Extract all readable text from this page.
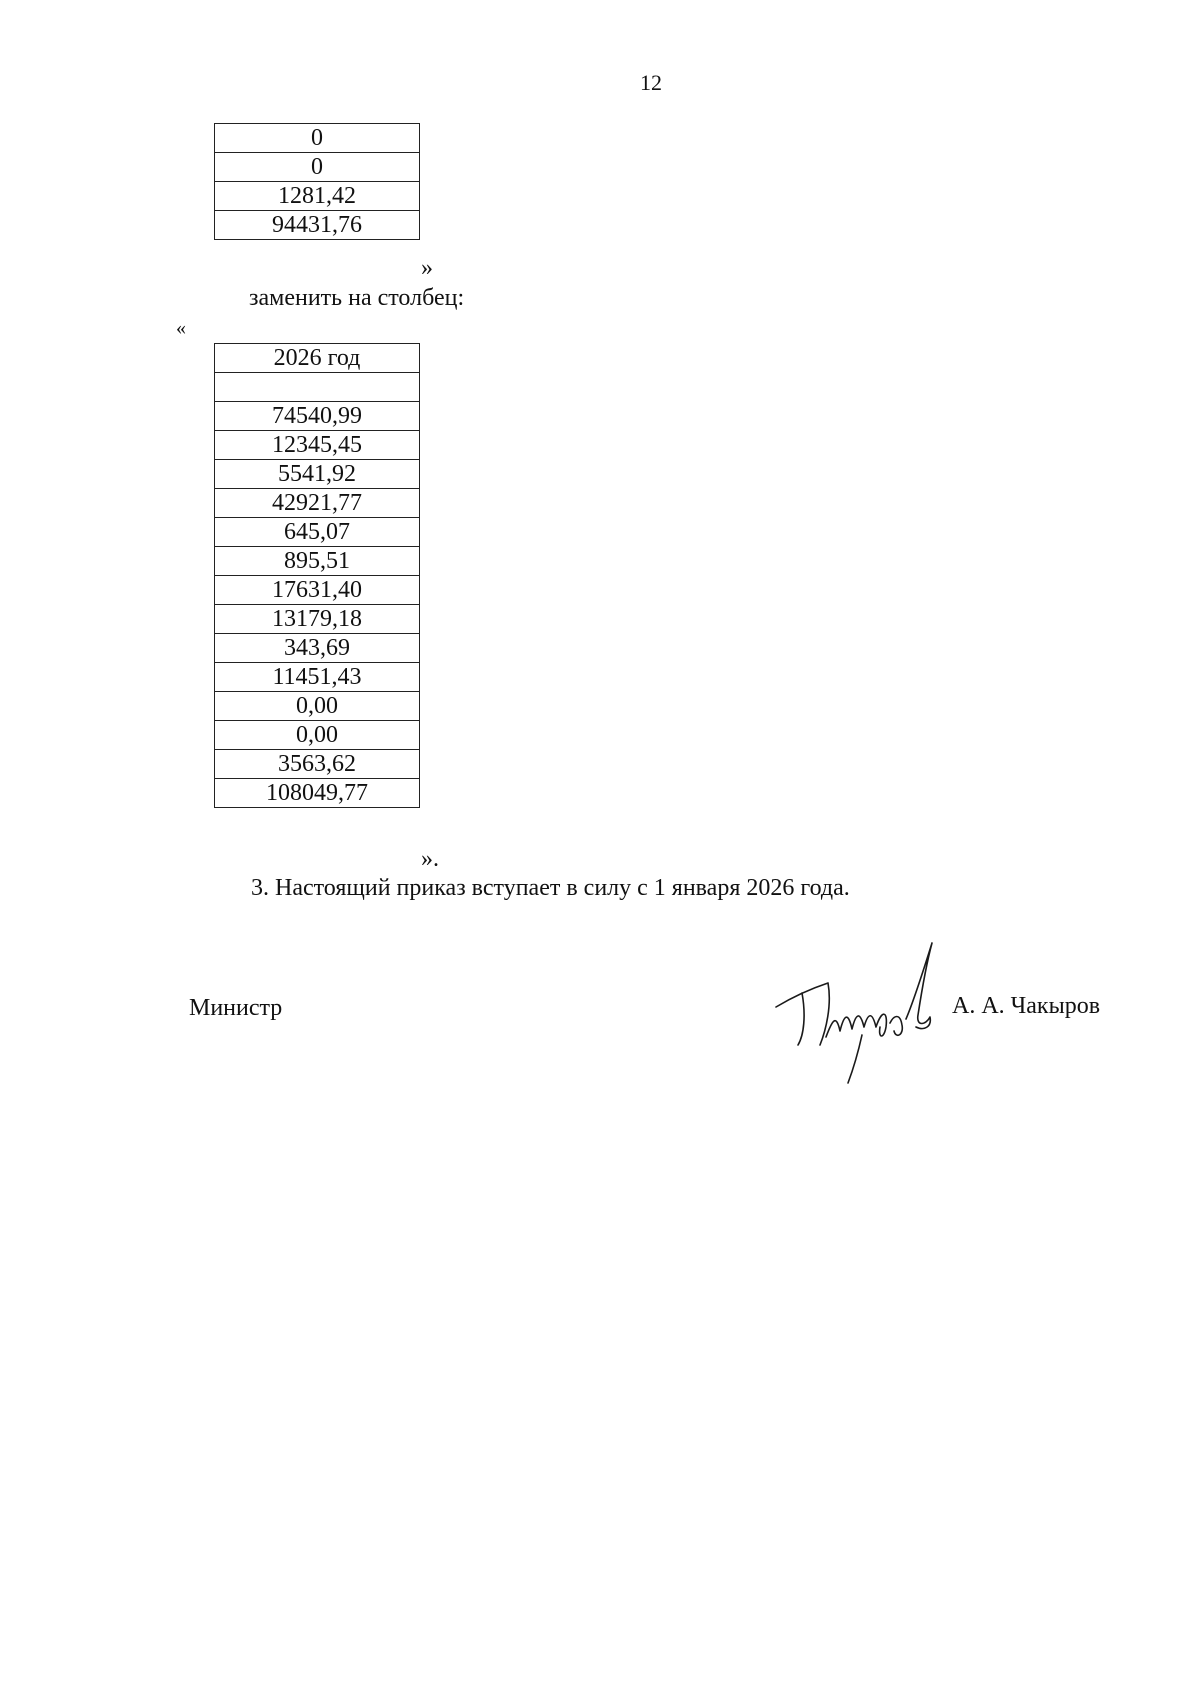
12
0
0
1281,42
94431,76
»
заменить на столбец:
«
2026 год

74540,99
12345,45
5541,92
42921,77
645,07
895,51
17631,40
13179,18
343,69
11451,43
0,00
0,00
3563,62
108049,77
».
3. Настоящий приказ вступает в силу с 1 января 2026 года.
Министр	А. А. Чакыров
